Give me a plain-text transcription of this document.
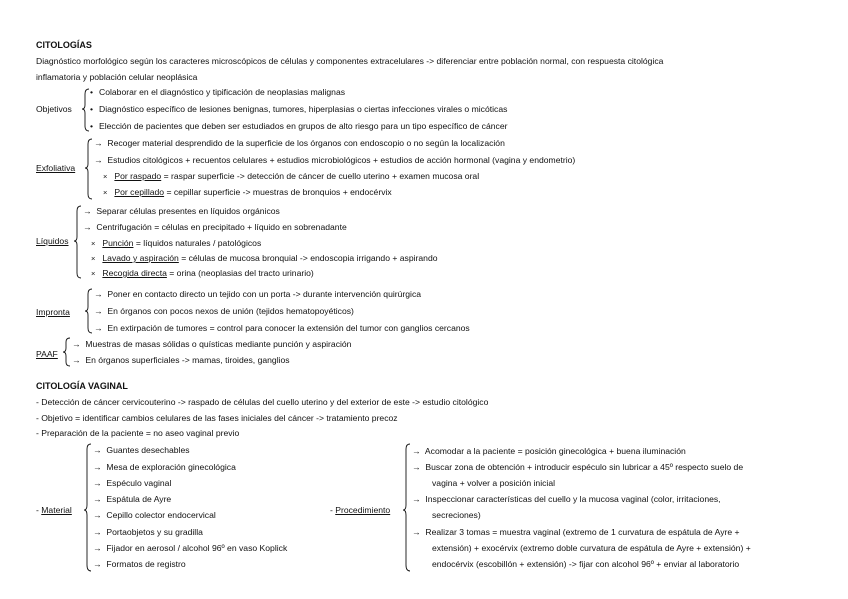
CITOLOGÍAS
Diagnóstico morfológico según los caracteres microscópicos de células y componentes extracelulares -> diferenciar entre población normal, con respuesta citológica
inflamatoria y población celular neoplásica
Objetivos
• Colaborar en el diagnóstico y tipificación de neoplasias malignas
• Diagnóstico específico de lesiones benignas, tumores, hiperplasias o ciertas infecciones virales o micóticas
• Elección de pacientes que deben ser estudiados en grupos de alto riesgo para un tipo específico de cáncer
Exfoliativa
→ Recoger material desprendido de la superficie de los órganos con endoscopio o no según la localización
→ Estudios citológicos + recuentos celulares + estudios microbiológicos + estudios de acción hormonal (vagina y endometrio)
× Por raspado = raspar superficie -> detección de cáncer de cuello uterino + examen mucosa oral
× Por cepillado = cepillar superficie -> muestras de bronquios + endocérvix
Líquidos
→ Separar células presentes en líquidos orgánicos
→ Centrifugación = células en precipitado + líquido en sobrenadante
× Punción = líquidos naturales / patológicos
× Lavado y aspiración = células de mucosa bronquial -> endoscopia irrigando + aspirando
× Recogida directa = orina (neoplasias del tracto urinario)
Impronta
→ Poner en contacto directo un tejido con un porta -> durante intervención quirúrgica
→ En órganos con pocos nexos de unión (tejidos hematopoyéticos)
→ En extirpación de tumores = control para conocer la extensión del tumor con ganglios cercanos
PAAF
→ Muestras de masas sólidas o quísticas mediante punción y aspiración
→ En órganos superficiales -> mamas, tiroides, ganglios
CITOLOGÍA VAGINAL
- Detección de cáncer cervicouterino -> raspado de células del cuello uterino y del exterior de este -> estudio citológico
- Objetivo = identificar cambios celulares de las fases iniciales del cáncer -> tratamiento precoz
- Preparación de la paciente = no aseo vaginal previo
- Material
→ Guantes desechables
→ Mesa de exploración ginecológica
→ Espéculo vaginal
→ Espátula de Ayre
→ Cepillo colector endocervical
→ Portaobjetos y su gradilla
→ Fijador en aerosol / alcohol 96º en vaso Koplick
→ Formatos de registro
- Procedimiento
→ Acomodar a la paciente = posición ginecológica + buena iluminación
→ Buscar zona de obtención + introducir espéculo sin lubricar a 45º respecto suelo de
vagina + volver a posición inicial
→ Inspeccionar características del cuello y la mucosa vaginal (color, irritaciones,
secreciones)
→ Realizar 3 tomas = muestra vaginal (extremo de 1 curvatura de espátula de Ayre +
extensión) + exocérvix (extremo doble curvatura de espátula de Ayre + extensión) +
endocérvix (escobillón + extensión) -> fijar con alcohol 96º + enviar al laboratorio
